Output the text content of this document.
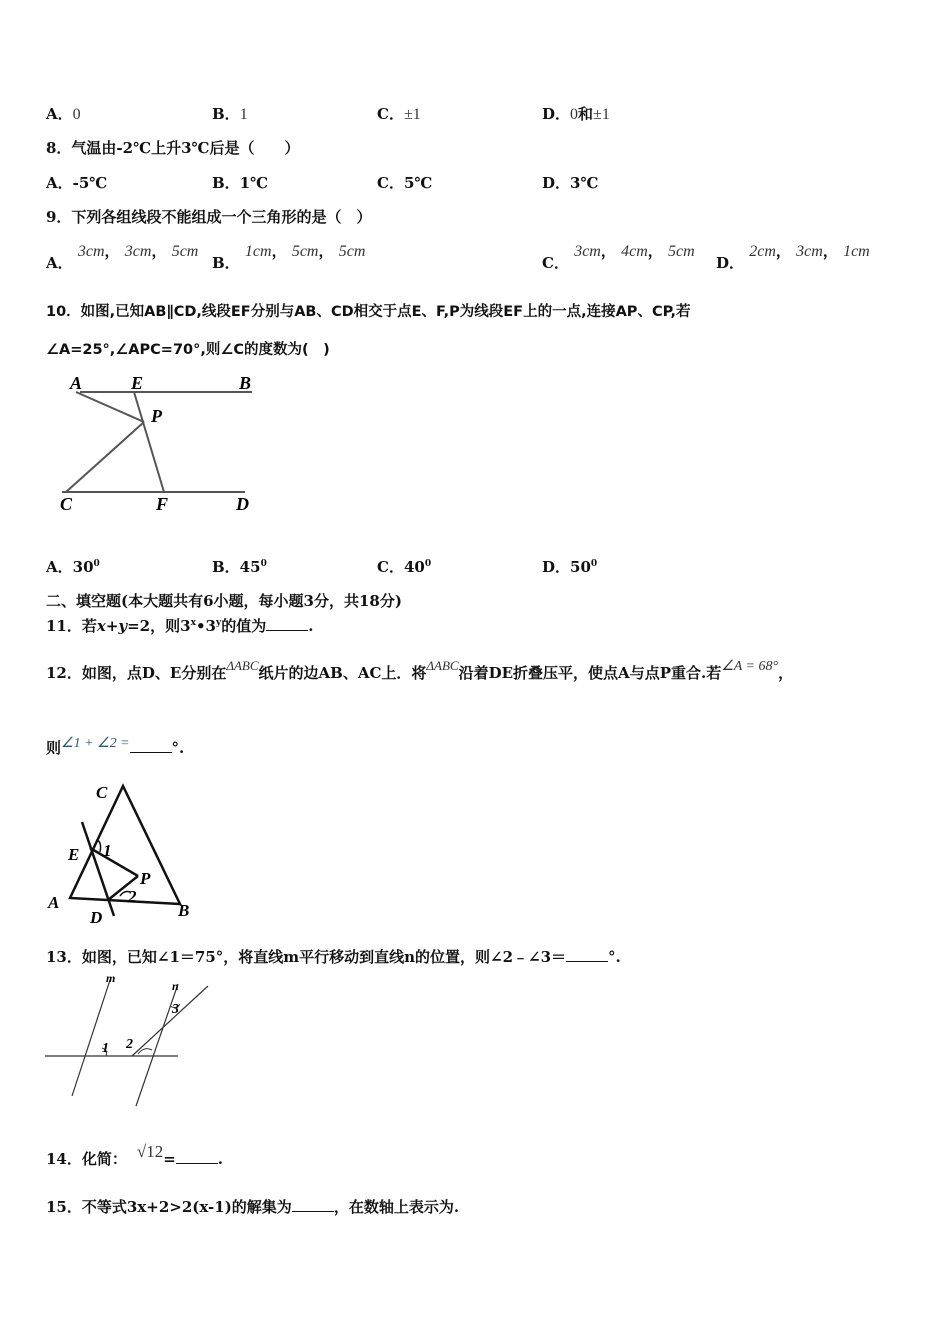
A．0	B．1	C．±1	D．0和±1
8．气温由-2℃上升3℃后是（　　）
A．-5℃	B．1℃	C．5℃	D．3℃
9．下列各组线段不能组成一个三角形的是（　）
A． 3cm， 3cm， 5cm
B． 1cm， 5cm， 5cm
C． 3cm， 4cm， 5cm
D． 2cm， 3cm， 1cm
10．如图,已知AB∥CD,线段EF分别与AB、CD相交于点E、F,P为线段EF上的一点,连接AP、CP,若
∠A=25°,∠APC=70°,则∠C的度数为(　)
A	E	B
P
C	F	D
A．$30^0$	B．$45^0$	C．$40^0$	D．$50^0$
二、填空题(本大题共有6小题，每小题3分，共18分)
11．若x+y=2，则3$^x$•3$^y$的值为	.
12．如图，点D、E分别在ΔABC纸片的边AB、AC上．将ΔABC沿着DE折叠压平，使点A与点P重合.若∠A = 68°，
则∠1 + ∠2 =	°.
C
E 1
P
2
A
D	B
13．如图，已知∠1＝75°，将直线m平行移动到直线n的位置，则∠2﹣∠3＝	°.
m
n
1 2
3
14．化简： √12=	.
15．不等式3x+2>2(x-1)的解集为	，在数轴上表示为.
